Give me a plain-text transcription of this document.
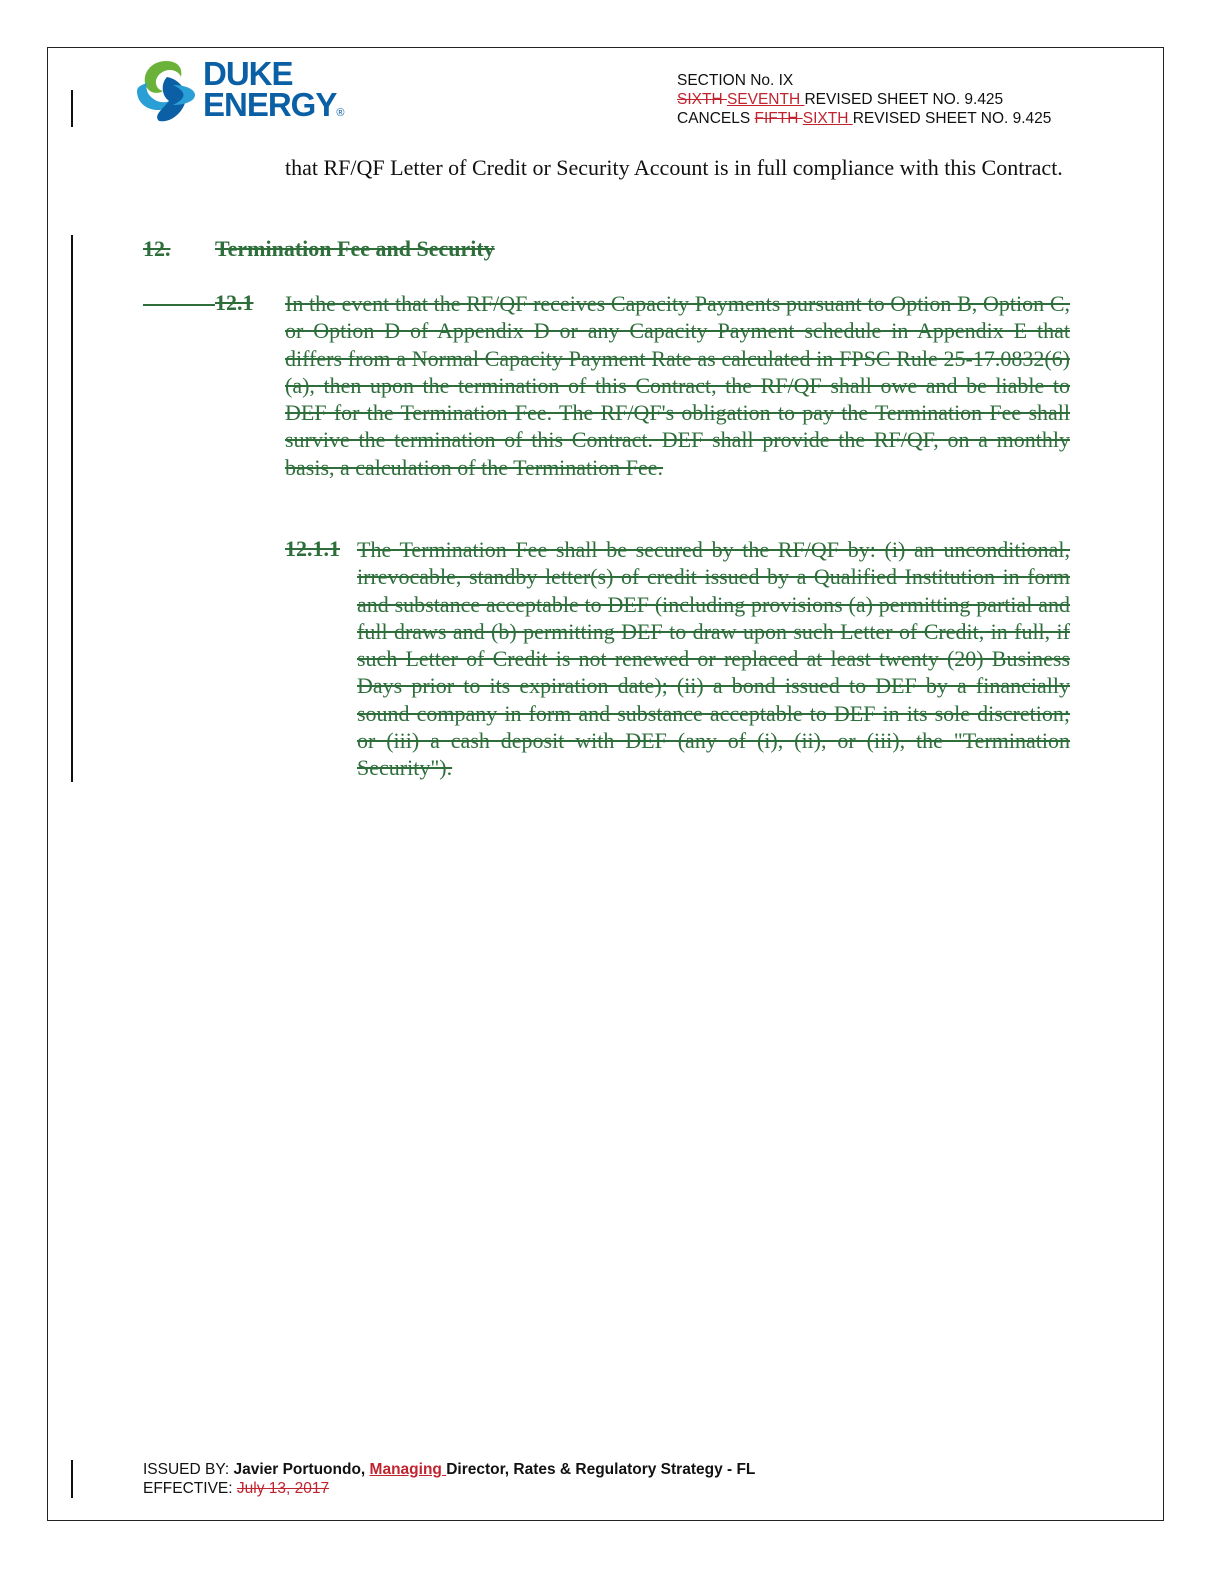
DUKE
ENERGY®
SECTION No. IX
SIXTH SEVENTH REVISED SHEET NO. 9.425
CANCELS FIFTH SIXTH REVISED SHEET NO. 9.425
that RF/QF Letter of Credit or Security Account is in full compliance with this Contract.
12. Termination Fee and Security
12.1 In the event that the RF/QF receives Capacity Payments pursuant to Option B, Option C, or Option D of Appendix D or any Capacity Payment schedule in Appendix E that differs from a Normal Capacity Payment Rate as calculated in FPSC Rule 25-17.0832(6)(a), then upon the termination of this Contract, the RF/QF shall owe and be liable to DEF for the Termination Fee. The RF/QF's obligation to pay the Termination Fee shall survive the termination of this Contract. DEF shall provide the RF/QF, on a monthly basis, a calculation of the Termination Fee.
12.1.1 The Termination Fee shall be secured by the RF/QF by: (i) an unconditional, irrevocable, standby letter(s) of credit issued by a Qualified Institution in form and substance acceptable to DEF (including provisions (a) permitting partial and full draws and (b) permitting DEF to draw upon such Letter of Credit, in full, if such Letter of Credit is not renewed or replaced at least twenty (20) Business Days prior to its expiration date); (ii) a bond issued to DEF by a financially sound company in form and substance acceptable to DEF in its sole discretion; or (iii) a cash deposit with DEF (any of (i), (ii), or (iii), the "Termination Security").
ISSUED BY: Javier Portuondo, Managing Director, Rates & Regulatory Strategy - FL
EFFECTIVE: July 13, 2017
